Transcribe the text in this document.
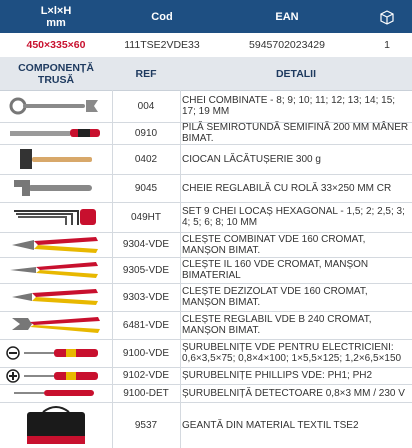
L×l×H
mm	Cod	EAN
450×335×60	111TSE2VDE33	5945702023429	1
COMPONENȚĂ TRUSĂ	REF	DETALII
004	CHEI COMBINATE - 8; 9; 10; 11; 12; 13; 14; 15; 17; 19 MM
0910	PILĂ SEMIROTUNDĂ SEMIFINĂ 200 MM MÂNER BIMAT.
0402	CIOCAN LĂCĂTUȘERIE 300 g
9045	CHEIE REGLABILĂ CU ROLĂ 33×250 MM CR
049HT	SET 9 CHEI LOCAȘ HEXAGONAL - 1,5; 2; 2,5; 3; 4; 5; 6; 8; 10 MM
9304-VDE	CLEȘTE COMBINAT VDE 160 CROMAT, MANȘON BIMAT.
9305-VDE	CLEȘTE IL 160 VDE CROMAT, MANȘON BIMATERIAL
9303-VDE	CLEȘTE DEZIZOLAT VDE 160 CROMAT, MANȘON BIMAT.
6481-VDE	CLEȘTE REGLABIL VDE B 240 CROMAT, MANȘON BIMAT.
9100-VDE	ȘURUBELNIȚE VDE PENTRU ELECTRICIENI: 0,6×3,5×75; 0,8×4×100; 1×5,5×125; 1,2×6,5×150
9102-VDE	ȘURUBELNIȚE PHILLIPS VDE: PH1; PH2
9100-DET	ȘURUBELNIȚĂ DETECTOARE 0,8×3 MM / 230 V
9537	GEANTĂ DIN MATERIAL TEXTIL TSE2
